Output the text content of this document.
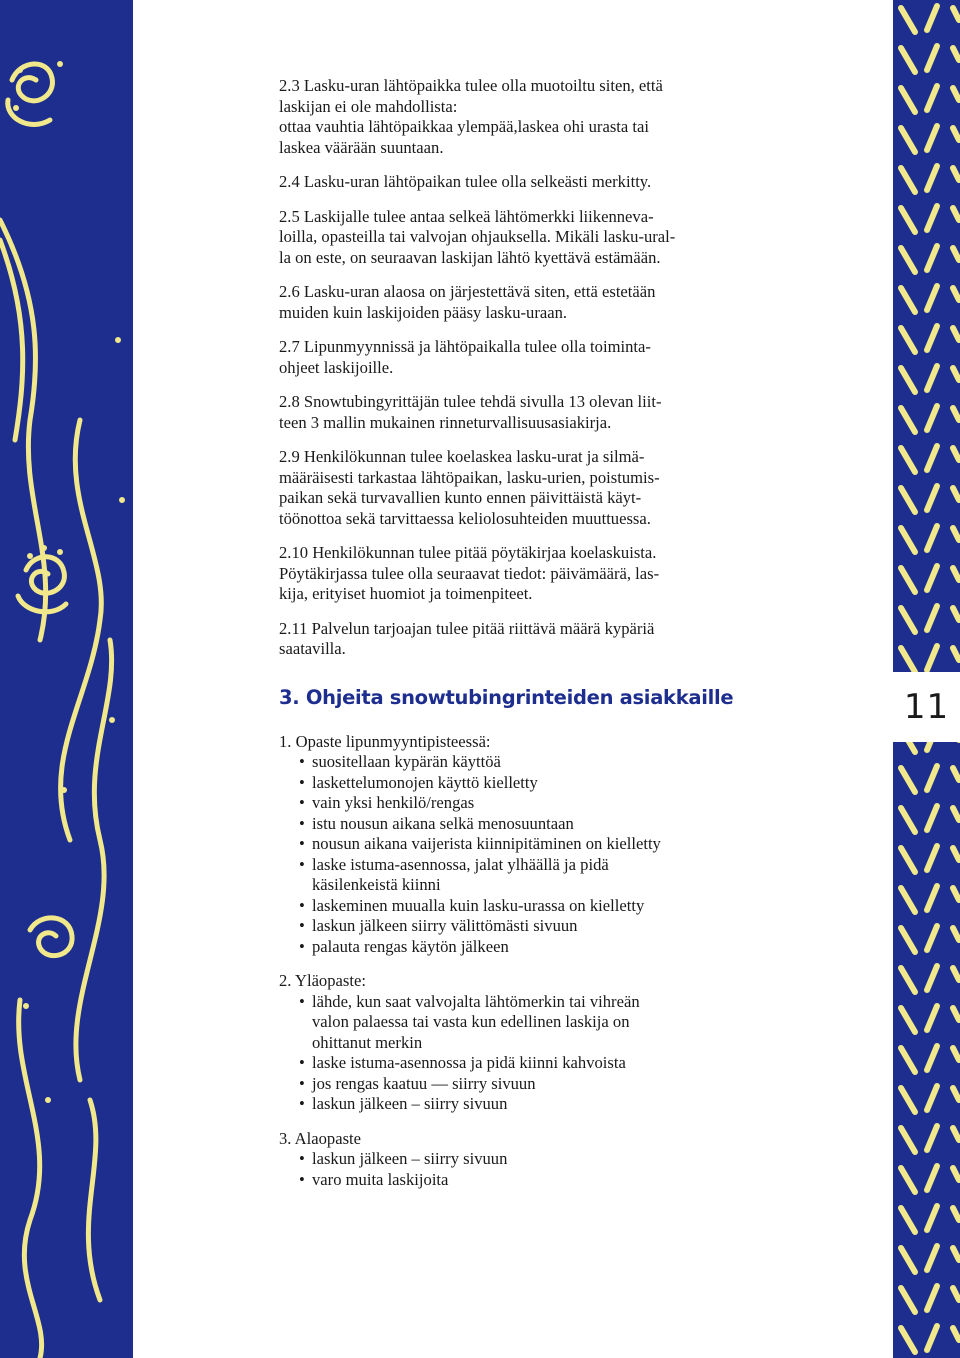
11
2.3 Lasku-uran lähtöpaikka tulee olla muotoiltu siten, että
laskijan ei ole mahdollista:
ottaa vauhtia lähtöpaikkaa ylempää,laskea ohi urasta tai
laskea väärään suuntaan.
2.4 Lasku-uran lähtöpaikan tulee olla selkeästi merkitty.
2.5 Laskijalle tulee antaa selkeä lähtömerkki liikenneva-
loilla, opasteilla tai valvojan ohjauksella. Mikäli lasku-ural-
la on este, on seuraavan laskijan lähtö kyettävä estämään.
2.6 Lasku-uran alaosa on järjestettävä siten, että estetään
muiden kuin laskijoiden pääsy lasku-uraan.
2.7 Lipunmyynnissä ja lähtöpaikalla tulee olla toiminta-
ohjeet laskijoille.
2.8 Snowtubingyrittäjän tulee tehdä sivulla 13 olevan liit-
teen 3 mallin mukainen rinneturvallisuusasiakirja.
2.9 Henkilökunnan tulee koelaskea lasku-urat ja silmä-
määräisesti tarkastaa lähtöpaikan, lasku-urien, poistumis-
paikan sekä turvavallien kunto ennen päivittäistä käyt-
töönottoa sekä tarvittaessa keliolosuhteiden muuttuessa.
2.10 Henkilökunnan tulee pitää pöytäkirjaa koelaskuista.
Pöytäkirjassa tulee olla seuraavat tiedot: päivämäärä, las-
kija, erityiset huomiot ja toimenpiteet.
2.11 Palvelun tarjoajan tulee pitää riittävä määrä kypäriä
saatavilla.
3. Ohjeita snowtubingrinteiden asiakkaille
1. Opaste lipunmyyntipisteessä:
• suositellaan kypärän käyttöä
• laskettelumonojen käyttö kielletty
• vain yksi henkilö/rengas
• istu nousun aikana selkä menosuuntaan
• nousun aikana vaijerista kiinnipitäminen on kielletty
• laske istuma-asennossa, jalat ylhäällä ja pidä
käsilenkeistä kiinni
• laskeminen muualla kuin lasku-urassa on kielletty
• laskun jälkeen siirry välittömästi sivuun
• palauta rengas käytön jälkeen
2. Yläopaste:
• lähde, kun saat valvojalta lähtömerkin tai vihreän
valon palaessa tai vasta kun edellinen laskija on
ohittanut merkin
• laske istuma-asennossa ja pidä kiinni kahvoista
• jos rengas kaatuu — siirry sivuun
• laskun jälkeen – siirry sivuun
3. Alaopaste
• laskun jälkeen – siirry sivuun
• varo muita laskijoita
